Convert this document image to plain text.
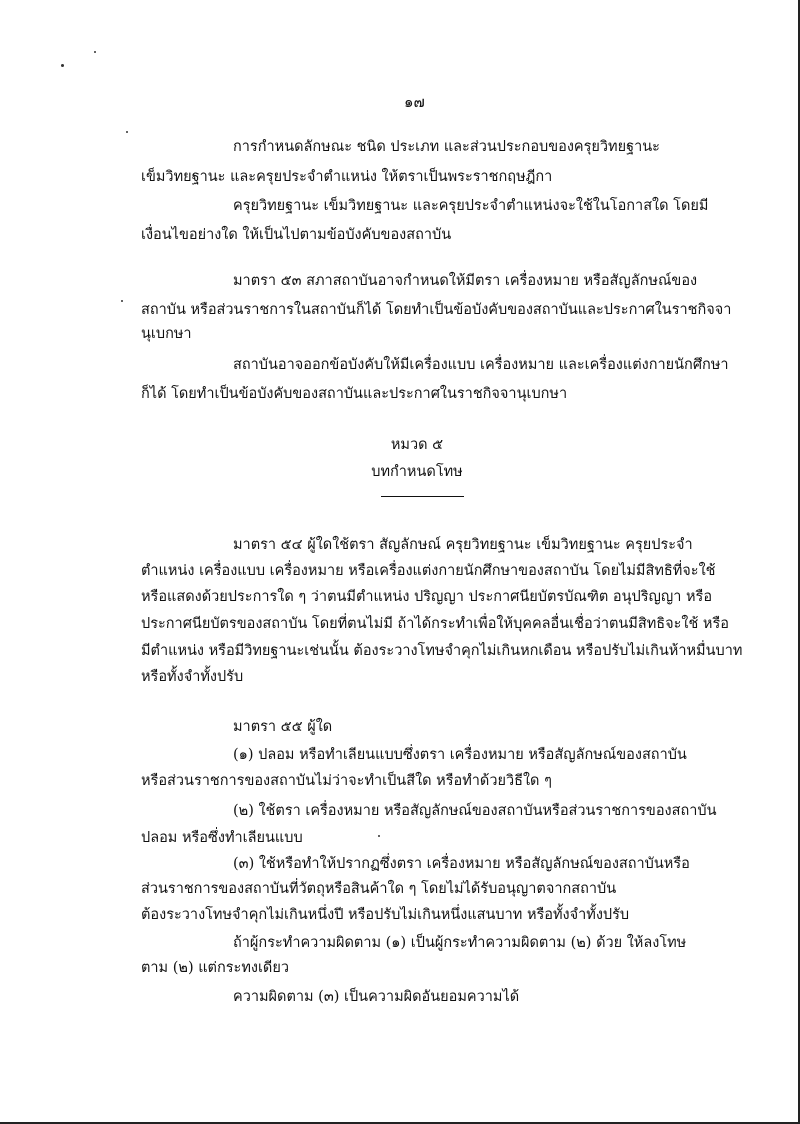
๑๗
การกำหนดลักษณะ ชนิด ประเภท และส่วนประกอบของครุยวิทยฐานะ
เข็มวิทยฐานะ และครุยประจำตำแหน่ง ให้ตราเป็นพระราชกฤษฎีกา
ครุยวิทยฐานะ เข็มวิทยฐานะ และครุยประจำตำแหน่งจะใช้ในโอกาสใด โดยมี
เงื่อนไขอย่างใด ให้เป็นไปตามข้อบังคับของสถาบัน
มาตรา ๕๓ สภาสถาบันอาจกำหนดให้มีตรา เครื่องหมาย หรือสัญลักษณ์ของ
สถาบัน หรือส่วนราชการในสถาบันก็ได้ โดยทำเป็นข้อบังคับของสถาบันและประกาศในราชกิจจา
นุเบกษา
สถาบันอาจออกข้อบังคับให้มีเครื่องแบบ เครื่องหมาย และเครื่องแต่งกายนักศึกษา
ก็ได้ โดยทำเป็นข้อบังคับของสถาบันและประกาศในราชกิจจานุเบกษา
หมวด ๕
บทกำหนดโทษ
มาตรา ๕๔ ผู้ใดใช้ตรา สัญลักษณ์ ครุยวิทยฐานะ เข็มวิทยฐานะ ครุยประจำ
ตำแหน่ง เครื่องแบบ เครื่องหมาย หรือเครื่องแต่งกายนักศึกษาของสถาบัน โดยไม่มีสิทธิที่จะใช้
หรือแสดงด้วยประการใด ๆ ว่าตนมีตำแหน่ง ปริญญา ประกาศนียบัตรบัณฑิต อนุปริญญา หรือ
ประกาศนียบัตรของสถาบัน โดยที่ตนไม่มี ถ้าได้กระทำเพื่อให้บุคคลอื่นเชื่อว่าตนมีสิทธิจะใช้ หรือ
มีตำแหน่ง หรือมีวิทยฐานะเช่นนั้น ต้องระวางโทษจำคุกไม่เกินหกเดือน หรือปรับไม่เกินห้าหมื่นบาท
หรือทั้งจำทั้งปรับ
มาตรา ๕๕ ผู้ใด
(๑) ปลอม หรือทำเลียนแบบซึ่งตรา เครื่องหมาย หรือสัญลักษณ์ของสถาบัน
หรือส่วนราชการของสถาบันไม่ว่าจะทำเป็นสีใด หรือทำด้วยวิธีใด ๆ
(๒) ใช้ตรา เครื่องหมาย หรือสัญลักษณ์ของสถาบันหรือส่วนราชการของสถาบัน
ปลอม หรือซึ่งทำเลียนแบบ
(๓) ใช้หรือทำให้ปรากฏซึ่งตรา เครื่องหมาย หรือสัญลักษณ์ของสถาบันหรือ
ส่วนราชการของสถาบันที่วัตถุหรือสินค้าใด ๆ โดยไม่ได้รับอนุญาตจากสถาบัน
ต้องระวางโทษจำคุกไม่เกินหนึ่งปี หรือปรับไม่เกินหนึ่งแสนบาท หรือทั้งจำทั้งปรับ
ถ้าผู้กระทำความผิดตาม (๑) เป็นผู้กระทำความผิดตาม (๒) ด้วย ให้ลงโทษ
ตาม (๒) แต่กระทงเดียว
ความผิดตาม (๓) เป็นความผิดอันยอมความได้
